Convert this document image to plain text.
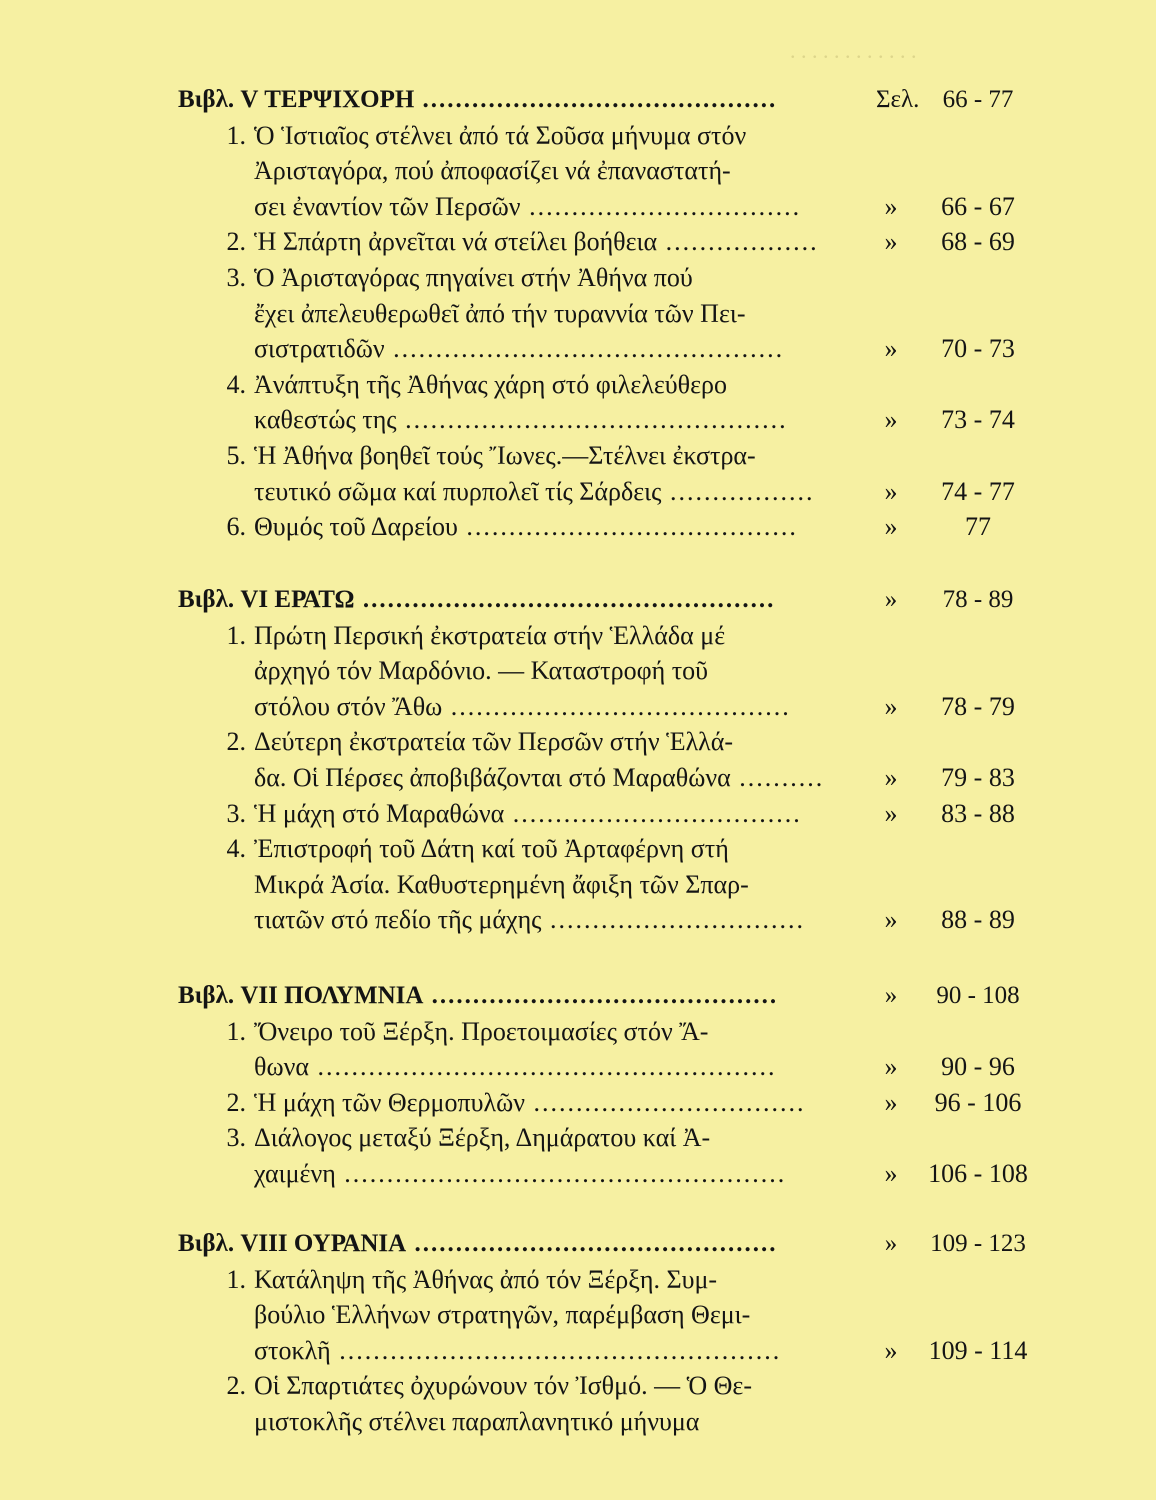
. . . . . . . . . . . .
Βιβλ. V ΤΕΡΨΙΧΟΡΗ ...........................................	Σελ. 66 - 77
1. Ὁ Ἱστιαῖος στέλνει ἀπό τά Σοῦσα μήνυμα στόν
Ἀρισταγόρα, πού ἀποφασίζει νά ἐπαναστατή-
σει ἐναντίον τῶν Περσῶν ................................	»	66 - 67
2. Ἡ Σπάρτη ἀρνεῖται νά στείλει βοήθεια ..................	»	68 - 69
3. Ὁ Ἀρισταγόρας πηγαίνει στήν Ἀθήνα πού
ἔχει ἀπελευθερωθεῖ ἀπό τήν τυραννία τῶν Πει-
σιστρατιδῶν ..............................................	»	70 - 73
4. Ἀνάπτυξη τῆς Ἀθήνας χάρη στό φιλελεύθερο
καθεστώς της .............................................	»	73 - 74
5. Ἡ Ἀθήνα βοηθεῖ τούς Ἴωνες.—Στέλνει ἐκστρα-
τευτικό σῶμα καί πυρπολεῖ τίς Σάρδεις .................	»	74 - 77
6. Θυμός τοῦ Δαρείου .......................................	»	77
Βιβλ. VI ΕΡΑΤΩ ..................................................	»	78 - 89
1. Πρώτη Περσική ἐκστρατεία στήν Ἑλλάδα μέ
ἀρχηγό τόν Μαρδόνιο. — Καταστροφή τοῦ
στόλου στόν Ἄθω ........................................	»	78 - 79
2. Δεύτερη ἐκστρατεία τῶν Περσῶν στήν Ἑλλά-
δα. Οἱ Πέρσες ἀποβιβάζονται στό Μαραθώνα ..........	»	79 - 83
3. Ἡ μάχη στό Μαραθώνα ..................................	»	83 - 88
4. Ἐπιστροφή τοῦ Δάτη καί τοῦ Ἀρταφέρνη στή
Μικρά Ἀσία. Καθυστερημένη ἄφιξη τῶν Σπαρ-
τιατῶν στό πεδίο τῆς μάχης ..............................	»	88 - 89
Βιβλ. VII ΠΟΛΥΜΝΙΑ ..........................................	»	90 - 108
1. Ὄνειρο τοῦ Ξέρξη. Προετοιμασίες στόν Ἄ-
θωνα ......................................................	»	90 - 96
2. Ἡ μάχη τῶν Θερμοπυλῶν ................................	»	96 - 106
3. Διάλογος μεταξύ Ξέρξη, Δημάρατου καί Ἀ-
χαιμένη ....................................................	»	106 - 108
Βιβλ. VIII ΟΥΡΑΝΙΑ ............................................	»	109 - 123
1. Κατάληψη τῆς Ἀθήνας ἀπό τόν Ξέρξη. Συμ-
βούλιο Ἑλλήνων στρατηγῶν, παρέμβαση Θεμι-
στοκλῆ ....................................................	»	109 - 114
2. Οἱ Σπαρτιάτες ὀχυρώνουν τόν Ἰσθμό. — Ὁ Θε-
μιστοκλῆς στέλνει παραπλανητικό μήνυμα
